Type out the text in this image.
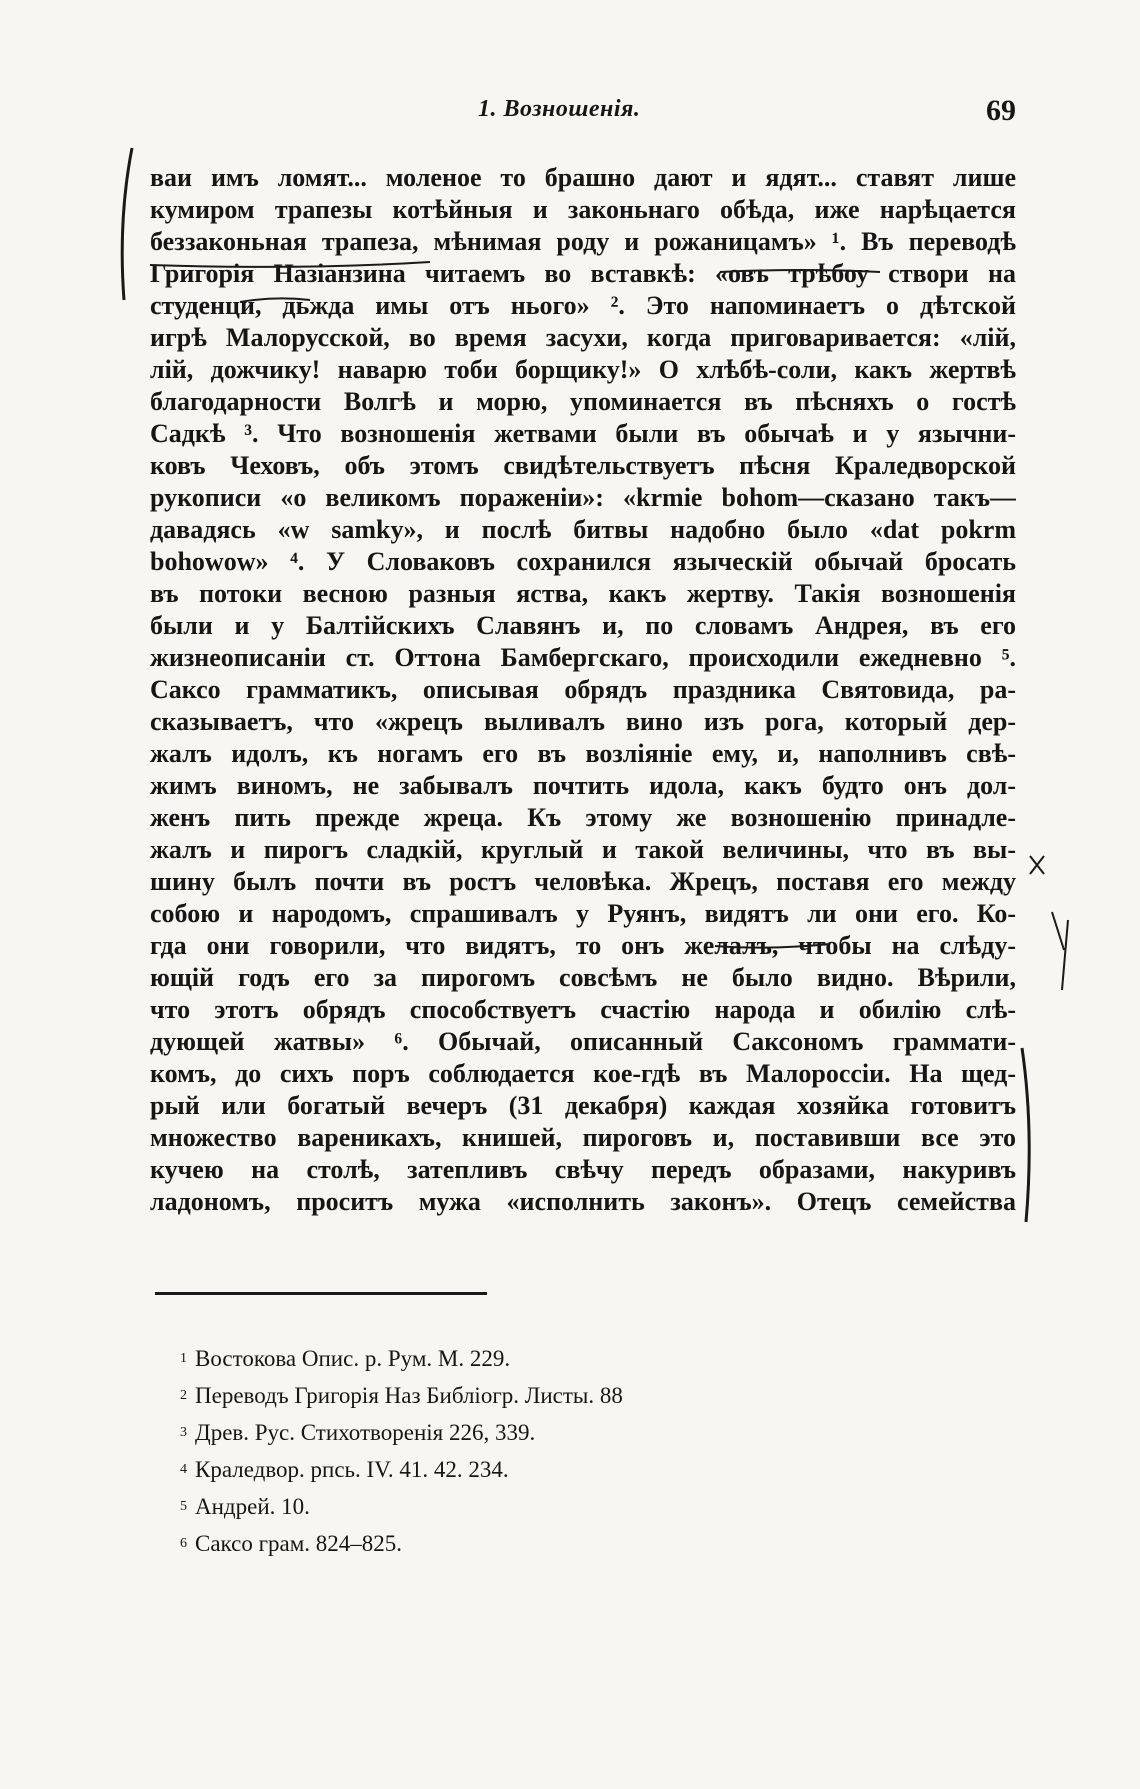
1. Возношенія.	69
ваи имъ ломят... моленое то брашно дают и ядят... ставят лише
кумиром трапезы котѣйныя и законьнаго обѣда, иже нарѣцается
беззаконьная трапеза, мѣнимая роду и рожаницамъ» ¹. Въ переводѣ
Григорія Назіанзина читаемъ во вставкѣ: «овъ трѣбоу створи на
студенци, дьжда имы отъ нього» ². Это напоминаетъ о дѣтской
игрѣ Малорусской, во время засухи, когда приговаривается: «лій,
лій, дожчику! наварю тоби борщику!» О хлѣбѣ-соли, какъ жертвѣ
благодарности Волгѣ и морю, упоминается въ пѣсняхъ о гостѣ
Садкѣ ³. Что возношенія жетвами были въ обычаѣ и у язычни-
ковъ Чеховъ, объ этомъ свидѣтельствуетъ пѣсня Краледворской
рукописи «о великомъ пораженіи»: «krmie bohom—сказано такъ—
давадясь «w samky», и послѣ битвы надобно было «dat pokrm
bohowow» ⁴. У Словаковъ сохранился языческій обычай бросать
въ потоки весною разныя яства, какъ жертву. Такія возношенія
были и у Балтійскихъ Славянъ и, по словамъ Андрея, въ его
жизнеописаніи ст. Оттона Бамбергскаго, происходили ежедневно ⁵.
Саксо грамматикъ, описывая обрядъ праздника Святовида, ра-
сказываетъ, что «жрецъ выливалъ вино изъ рога, который дер-
жалъ идолъ, къ ногамъ его въ возліяніе ему, и, наполнивъ свѣ-
жимъ виномъ, не забывалъ почтить идола, какъ будто онъ дол-
женъ пить прежде жреца. Къ этому же возношенію принадле-
жалъ и пирогъ сладкій, круглый и такой величины, что въ вы-
шину былъ почти въ ростъ человѣка. Жрецъ, поставя его между
собою и народомъ, спрашивалъ у Руянъ, видятъ ли они его. Ко-
гда они говорили, что видятъ, то онъ желалъ, чтобы на слѣду-
ющій годъ его за пирогомъ совсѣмъ не было видно. Вѣрили,
что этотъ обрядъ способствуетъ счастію народа и обилію слѣ-
дующей жатвы» ⁶. Обычай, описанный Саксономъ граммати-
комъ, до сихъ поръ соблюдается кое-гдѣ въ Малороссіи. На щед-
рый или богатый вечеръ (31 декабря) каждая хозяйка готовитъ
множество вареникахъ, книшей, пироговъ и, поставивши все это
кучею на столѣ, затепливъ свѣчу передъ образами, накуривъ
ладономъ, проситъ мужа «исполнить законъ». Отецъ семейства
$^1$ Востокова Опис. р. Рум. М. 229.
$^2$ Переводъ Григорія Наз Библіогр. Листы. 88
$^3$ Древ. Рус. Стихотворенія 226, 339.
$^4$ Краледвор. рпсь. IV. 41. 42. 234.
$^5$ Андрей. 10.
$^6$ Саксо грам. 824–825.
